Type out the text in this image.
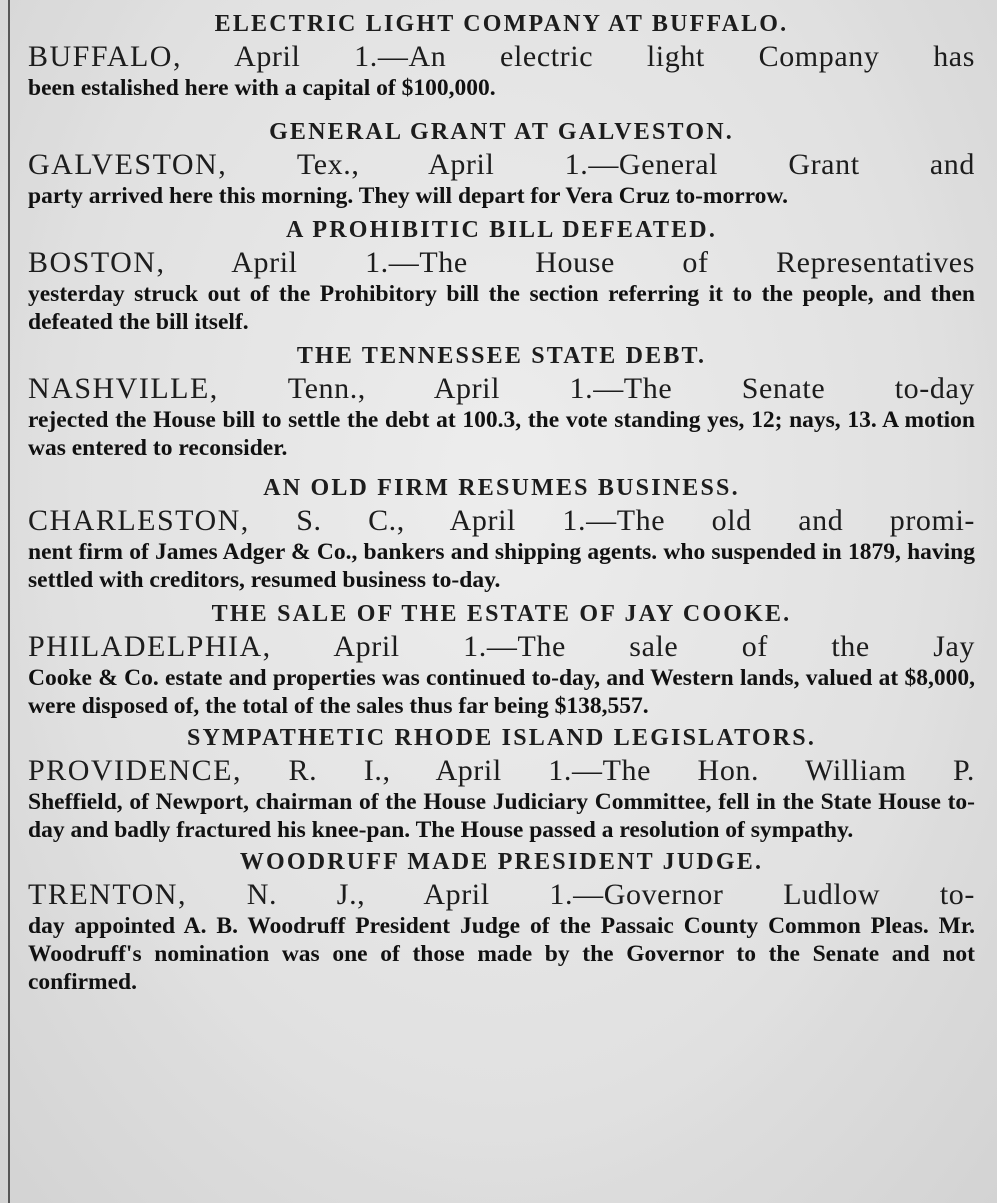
ELECTRIC LIGHT COMPANY AT BUFFALO.
BUFFALO, April 1.—An electric light Company has
been estalished here with a capital of $100,000.
GENERAL GRANT AT GALVESTON.
GALVESTON, Tex., April 1.—General Grant and
party arrived here this morning. They will depart for Vera Cruz to-morrow.
A PROHIBITIC BILL DEFEATED.
BOSTON, April 1.—The House of Representatives
yesterday struck out of the Prohibitory bill the section referring it to the people, and then defeated the bill itself.
THE TENNESSEE STATE DEBT.
NASHVILLE, Tenn., April 1.—The Senate to-day
rejected the House bill to settle the debt at 100.3, the vote standing yes, 12; nays, 13. A motion was entered to reconsider.
AN OLD FIRM RESUMES BUSINESS.
CHARLESTON, S. C., April 1.—The old and promi-
nent firm of James Adger & Co., bankers and shipping agents. who suspended in 1879, having settled with creditors, resumed business to-day.
THE SALE OF THE ESTATE OF JAY COOKE.
PHILADELPHIA, April 1.—The sale of the Jay
Cooke & Co. estate and properties was continued to-day, and Western lands, valued at $8,000, were disposed of, the total of the sales thus far being $138,557.
SYMPATHETIC RHODE ISLAND LEGISLATORS.
PROVIDENCE, R. I., April 1.—The Hon. William P.
Sheffield, of Newport, chairman of the House Judiciary Committee, fell in the State House to-day and badly fractured his knee-pan. The House passed a resolution of sympathy.
WOODRUFF MADE PRESIDENT JUDGE.
TRENTON, N. J., April 1.—Governor Ludlow to-
day appointed A. B. Woodruff President Judge of the Passaic County Common Pleas. Mr. Woodruff's nomination was one of those made by the Governor to the Senate and not confirmed.
